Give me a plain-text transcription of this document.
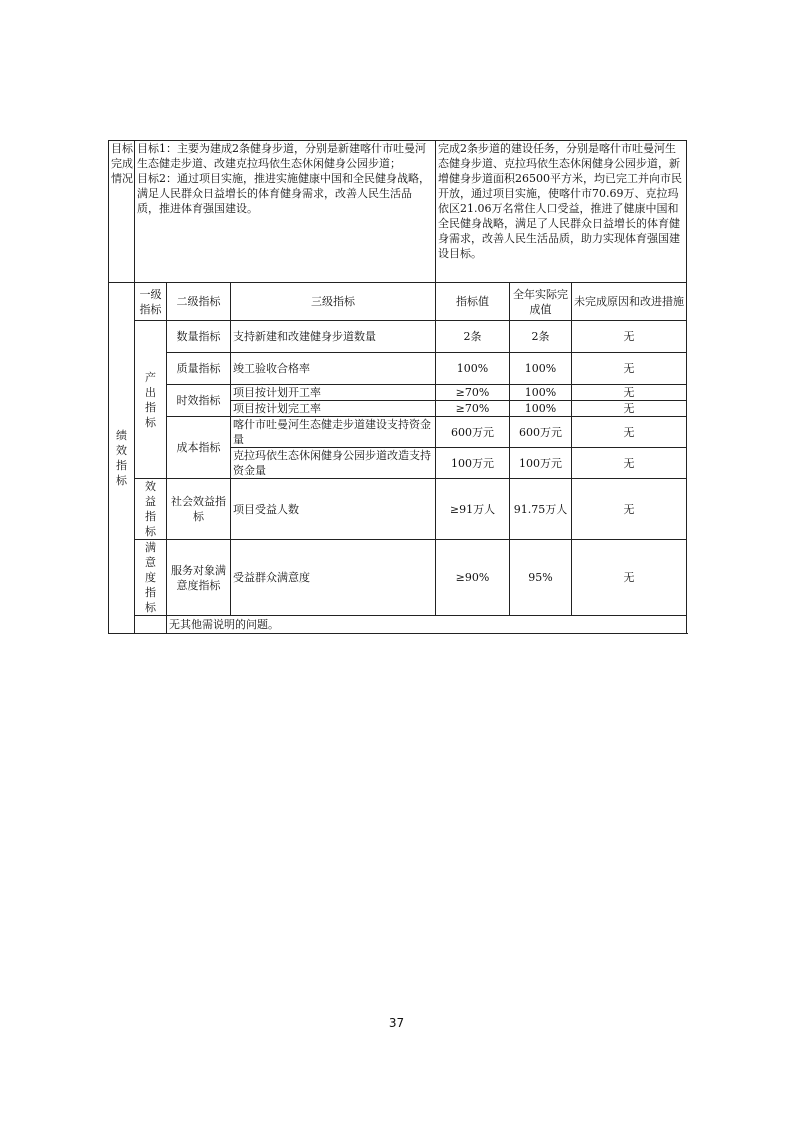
目标完成情况	目标1：主要为建成2条健身步道，分别是新建喀什市吐曼河生态健走步道、改建克拉玛依生态休闲健身公园步道；
目标2：通过项目实施，推进实施健康中国和全民健身战略，满足人民群众日益增长的体育健身需求，改善人民生活品质，推进体育强国建设。			完成2条步道的建设任务，分别是喀什市吐曼河生态健身步道、克拉玛依生态休闲健身公园步道，新增健身步道面积26500平方米，均已完工并向市民开放，通过项目实施，使喀什市70.69万、克拉玛依区21.06万名常住人口受益，推进了健康中国和全民健身战略，满足了人民群众日益增长的体育健身需求，改善人民生活品质，助力实现体育强国建设目标。		

绩效指标	一级指标	二级指标	三级指标	指标值	全年实际完成值	未完成原因和改进措施

	产出指标	数量指标	支持新建和改建健身步道数量	2条	2条	无
		质量指标	竣工验收合格率	100%	100%	无
		时效指标	项目按计划开工率	≥70%	100%	无
			项目按计划完工率	≥70%	100%	无
		成本指标	喀什市吐曼河生态健走步道建设支持资金量	600万元	600万元	无
			克拉玛依生态休闲健身公园步道改造支持资金量	100万元	100万元	无

	效益指标	社会效益指标	项目受益人数	≥91万人	91.75万人	无

	满意度指标	服务对象满意度指标	受益群众满意度	≥90%	95%	无
		无其他需说明的问题。				
37
